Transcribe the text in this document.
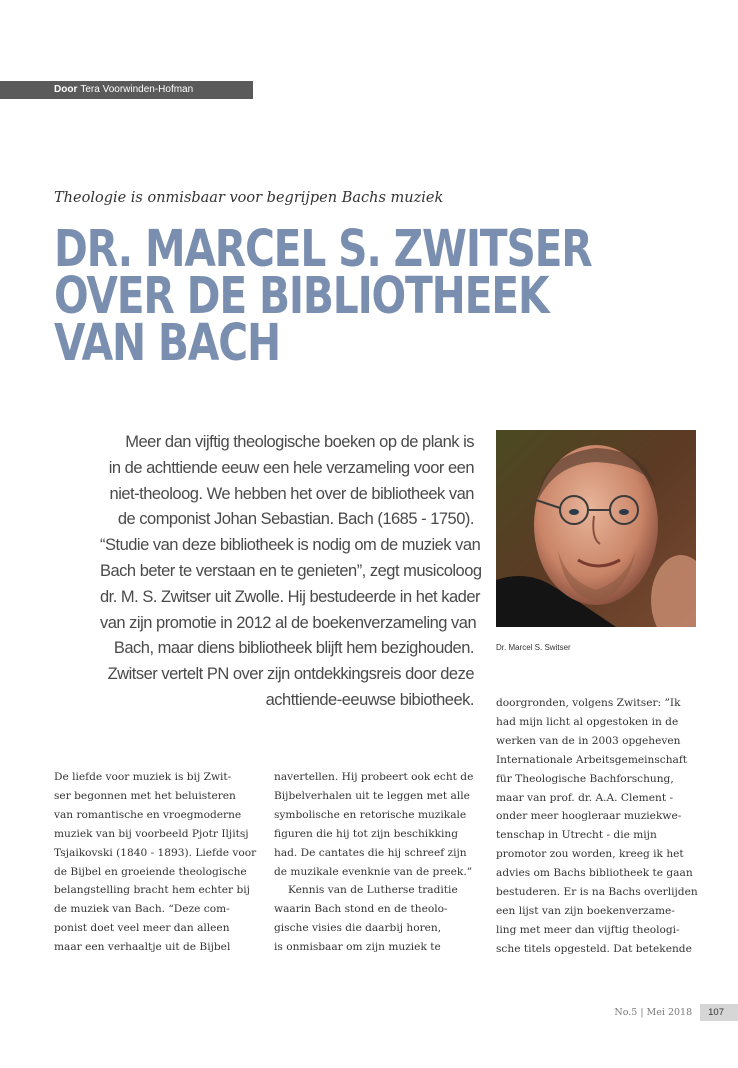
Door Tera Voorwinden-Hofman
Theologie is onmisbaar voor begrijpen Bachs muziek
DR. MARCEL S. ZWITSER
OVER DE BIBLIOTHEEK
VAN BACH
Meer dan vijftig theologische boeken op de plank is
in de achttiende eeuw een hele verzameling voor een
niet-theoloog. We hebben het over de bibliotheek van
de componist Johan Sebastian. Bach (1685 - 1750).
“Studie van deze bibliotheek is nodig om de muziek van
Bach beter te verstaan en te genieten”, zegt musicoloog
dr. M. S. Zwitser uit Zwolle. Hij bestudeerde in het kader
van zijn promotie in 2012 al de boekenverzameling van
Bach, maar diens bibliotheek blijft hem bezighouden.
Zwitser vertelt PN over zijn ontdekkingsreis door deze
achttiende-eeuwse bibiotheek.
Dr. Marcel S. Switser
De liefde voor muziek is bij Zwit-
ser begonnen met het beluisteren
van romantische en vroegmoderne
muziek van bij voorbeeld Pjotr Iljitsj
Tsjaikovski (1840 - 1893). Liefde voor
de Bijbel en groeiende theologische
belangstelling bracht hem echter bij
de muziek van Bach. “Deze com-
ponist doet veel meer dan alleen
maar een verhaaltje uit de Bijbel
navertellen. Hij probeert ook echt de
Bijbelverhalen uit te leggen met alle
symbolische en retorische muzikale
figuren die hij tot zijn beschikking
had. De cantates die hij schreef zijn
de muzikale evenknie van de preek.”
Kennis van de Lutherse traditie
waarin Bach stond en de theolo-
gische visies die daarbij horen,
is onmisbaar om zijn muziek te
doorgronden, volgens Zwitser: ”Ik
had mijn licht al opgestoken in de
werken van de in 2003 opgeheven
Internationale Arbeitsgemeinschaft
für Theologische Bachforschung,
maar van prof. dr. A.A. Clement -
onder meer hoogleraar muziekwe-
tenschap in Utrecht - die mijn
promotor zou worden, kreeg ik het
advies om Bachs bibliotheek te gaan
bestuderen. Er is na Bachs overlijden
een lijst van zijn boekenverzame-
ling met meer dan vijftig theologi-
sche titels opgesteld. Dat betekende
No.5 | Mei 2018	107
